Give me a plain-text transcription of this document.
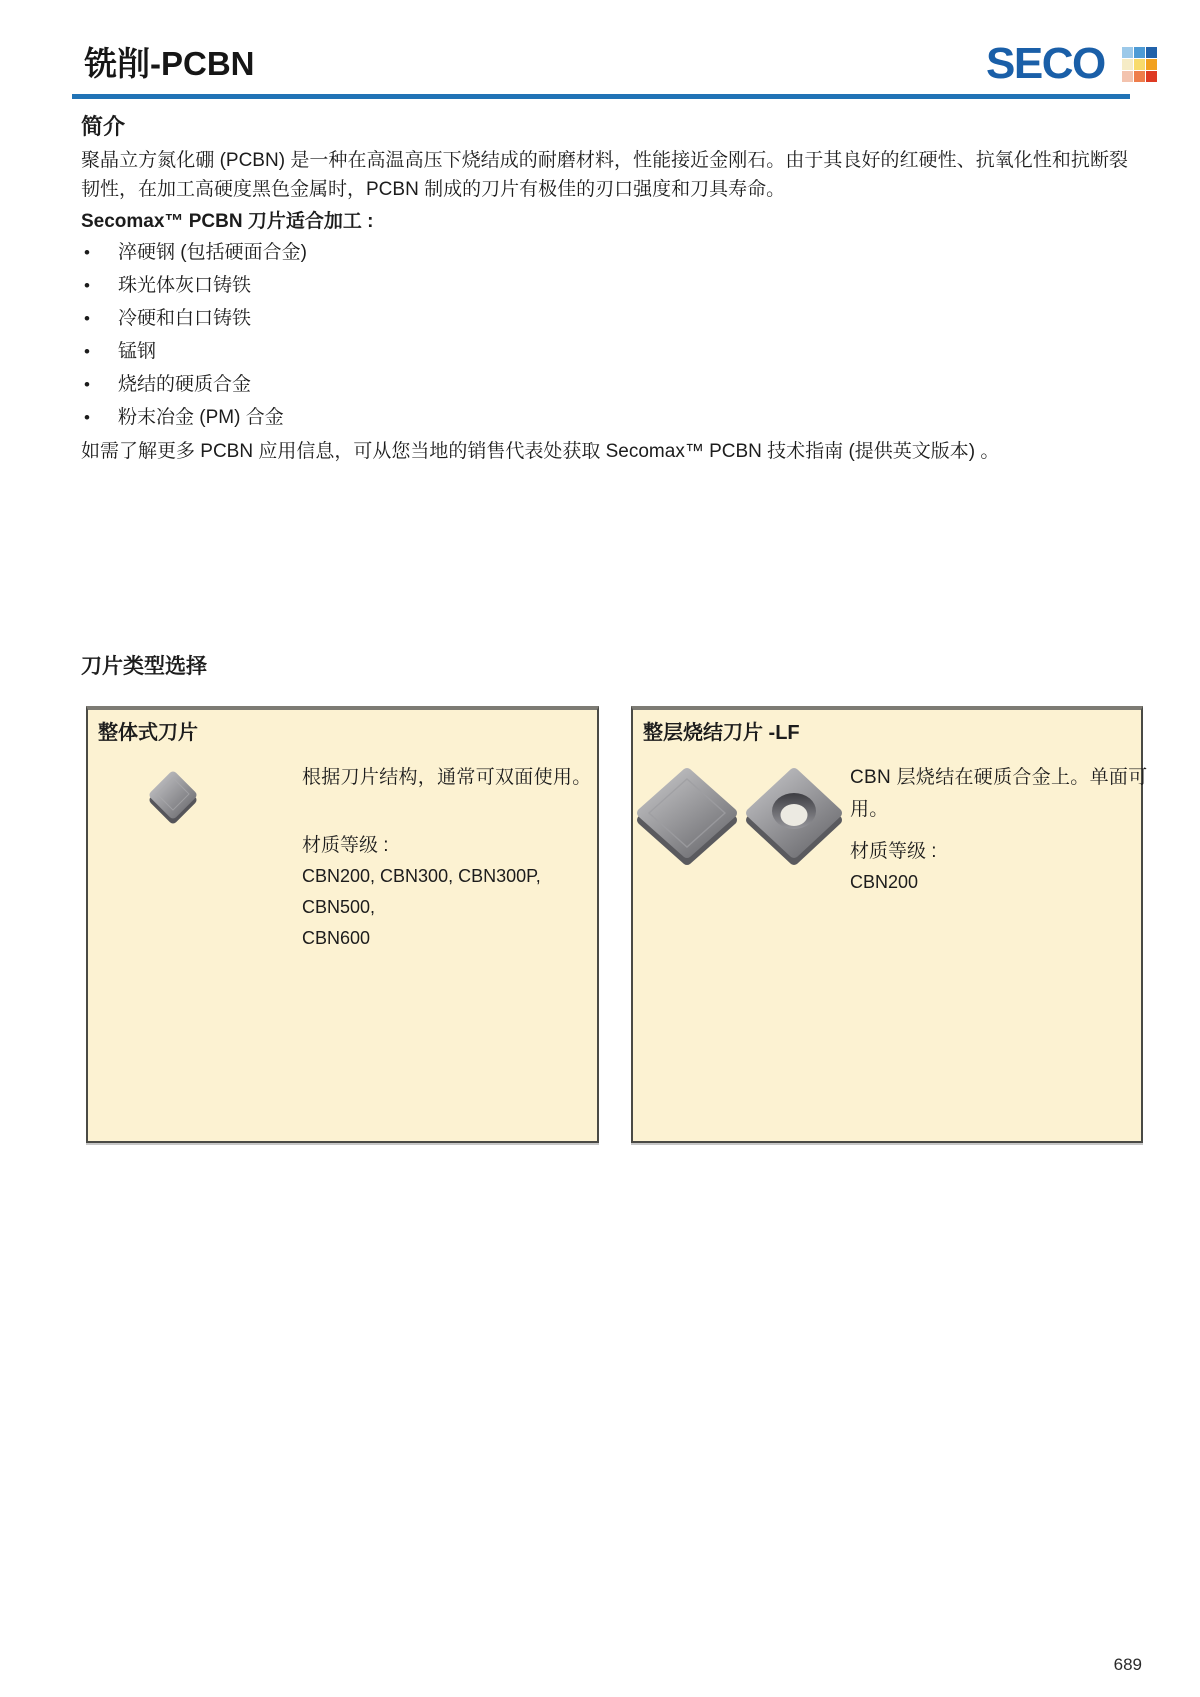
铣削-PCBN	SECO
简介
聚晶立方氮化硼 (PCBN) 是一种在高温高压下烧结成的耐磨材料，性能接近金刚石。由于其良好的红硬性、抗氧化性和抗断裂韧性，在加工高硬度黑色金属时，PCBN 制成的刀片有极佳的刃口强度和刀具寿命。
Secomax™ PCBN 刀片适合加工 :
• 淬硬钢 (包括硬面合金)
• 珠光体灰口铸铁
• 冷硬和白口铸铁
• 锰钢
• 烧结的硬质合金
• 粉末冶金 (PM) 合金
如需了解更多 PCBN 应用信息，可从您当地的销售代表处获取 Secomax™ PCBN 技术指南 (提供英文版本) 。
刀片类型选择
整体式刀片
根据刀片结构，通常可双面使用。
材质等级 :
CBN200, CBN300, CBN300P, CBN500,
CBN600
整层烧结刀片 -LF
CBN 层烧结在硬质合金上。单面可用。
材质等级 :
CBN200
689
